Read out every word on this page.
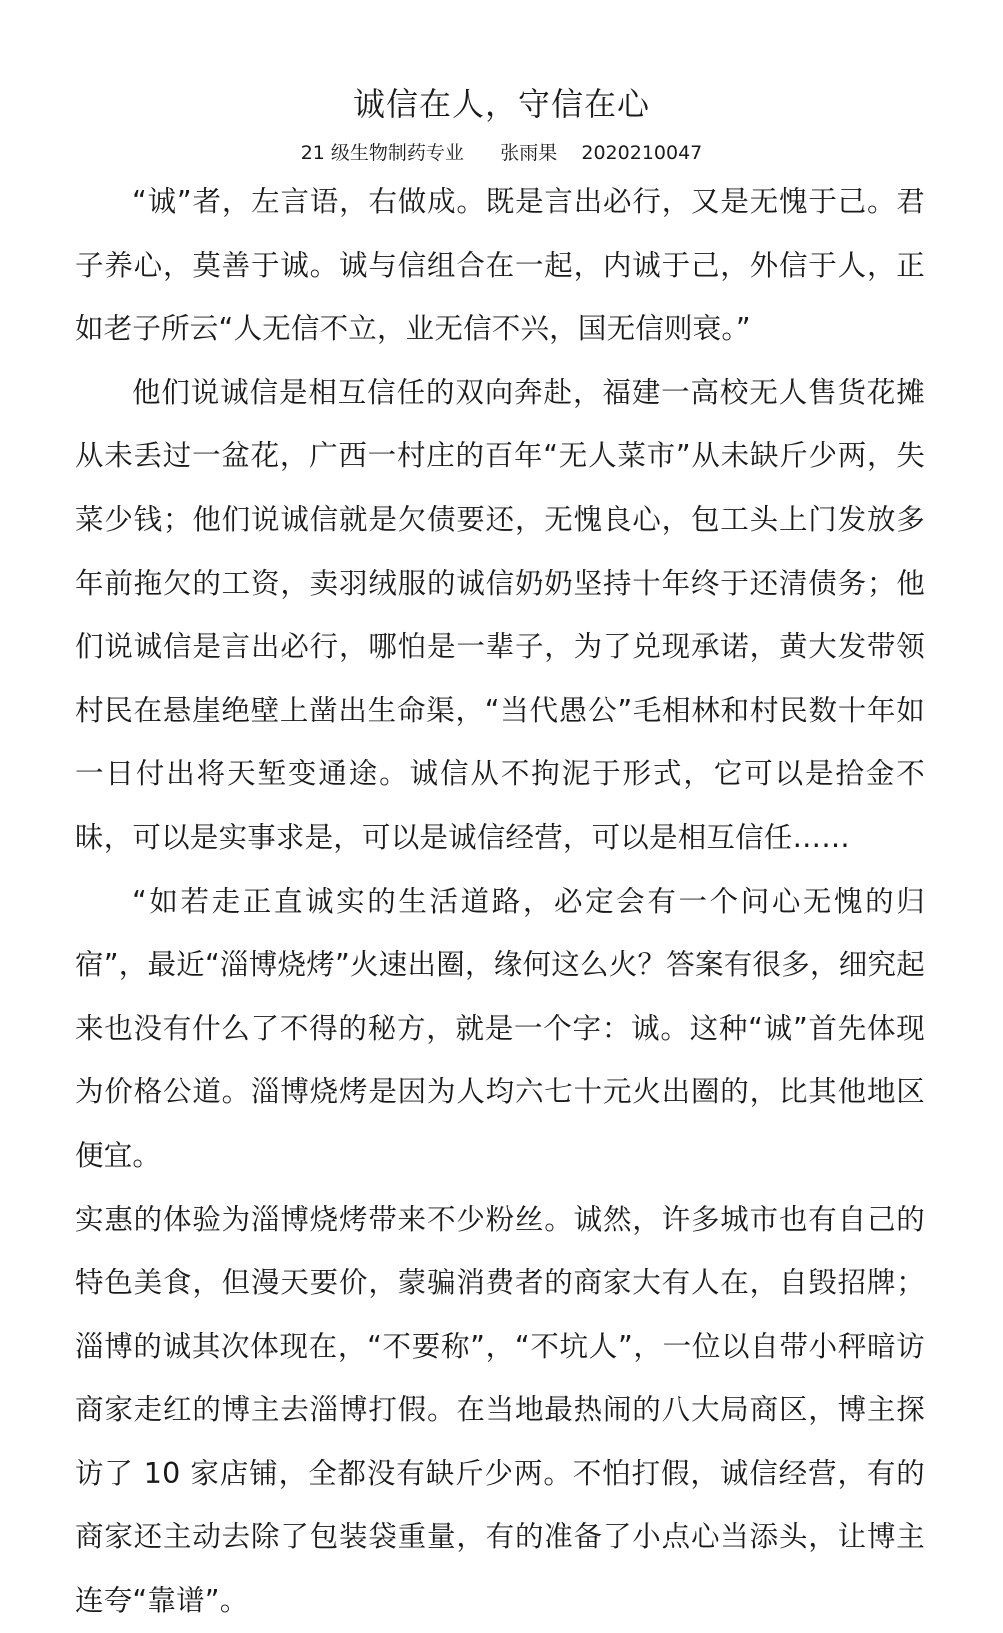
诚信在人，守信在心
21 级生物制药专业 张雨果 2020210047

“诚”者，左言语，右做成。既是言出必行，又是无愧于己。君子养心，莫善于诚。诚与信组合在一起，内诚于己，外信于人，正如老子所云“人无信不立，业无信不兴，国无信则衰。”

他们说诚信是相互信任的双向奔赴，福建一高校无人售货花摊从未丢过一盆花，广西一村庄的百年“无人菜市”从未缺斤少两，失菜少钱；他们说诚信就是欠债要还，无愧良心，包工头上门发放多年前拖欠的工资，卖羽绒服的诚信奶奶坚持十年终于还清债务；他们说诚信是言出必行，哪怕是一辈子，为了兑现承诺，黄大发带领村民在悬崖绝壁上凿出生命渠，“当代愚公”毛相林和村民数十年如一日付出将天堑变通途。诚信从不拘泥于形式，它可以是拾金不昧，可以是实事求是，可以是诚信经营，可以是相互信任……

“如若走正直诚实的生活道路，必定会有一个问心无愧的归宿”，最近“淄博烧烤”火速出圈，缘何这么火？答案有很多，细究起来也没有什么了不得的秘方，就是一个字：诚。这种“诚”首先体现为价格公道。淄博烧烤是因为人均六七十元火出圈的，比其他地区便宜。

实惠的体验为淄博烧烤带来不少粉丝。诚然，许多城市也有自己的特色美食，但漫天要价，蒙骗消费者的商家大有人在，自毁招牌；淄博的诚其次体现在，“不要称”，“不坑人”，一位以自带小秤暗访商家走红的博主去淄博打假。在当地最热闹的八大局商区，博主探访了 10 家店铺，全都没有缺斤少两。不怕打假，诚信经营，有的商家还主动去除了包装袋重量，有的准备了小点心当添头，让博主连夸“靠谱”。
